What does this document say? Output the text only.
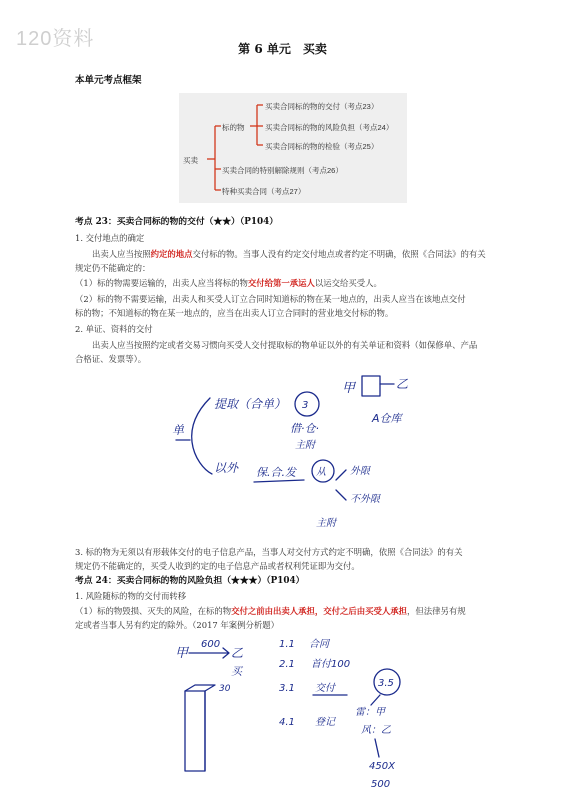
120资料	第 6 单元　买卖
本单元考点框架
买卖
标的物
买卖合同标的物的交付（考点23）
买卖合同标的物的风险负担（考点24）
买卖合同标的物的检验（考点25）
买卖合同的特别解除规则（考点26）
特种买卖合同（考点27）
考点 23：买卖合同标的物的交付（★★）（P104）
1. 交付地点的确定
出卖人应当按照约定的地点交付标的物。当事人没有约定交付地点或者约定不明确，依照《合同法》的有关
规定仍不能确定的：
（1）标的物需要运输的，出卖人应当将标的物交付给第一承运人以运交给买受人。
（2）标的物不需要运输，出卖人和买受人订立合同时知道标的物在某一地点的，出卖人应当在该地点交付
标的物；不知道标的物在某一地点的，应当在出卖人订立合同时的营业地交付标的物。
2. 单证、资料的交付
出卖人应当按照约定或者交易习惯向买受人交付提取标的物单证以外的有关单证和资料（如保修单、产品
合格证、发票等）。
单
提取（合单） 3
借·仓·
主附
甲	乙
A仓库
以外 保.合.发 从 外限
不外限
主附
3. 标的物为无须以有形载体交付的电子信息产品，当事人对交付方式约定不明确，依照《合同法》的有关
规定仍不能确定的，买受人收到约定的电子信息产品或者权利凭证即为交付。
考点 24：买卖合同标的物的风险负担（★★★）（P104）
1. 风险随标的物的交付而转移
（1）标的物毁损、灭失的风险，在标的物交付之前由出卖人承担，交付之后由买受人承担，但法律另有规
定或者当事人另有约定的除外。（2017 年案例分析题）
甲
600
乙
买
1.1 合同
2.1 首付100
3.1 交付	3.5
雷：甲
风：乙
4.1 登记
450X
500
30
